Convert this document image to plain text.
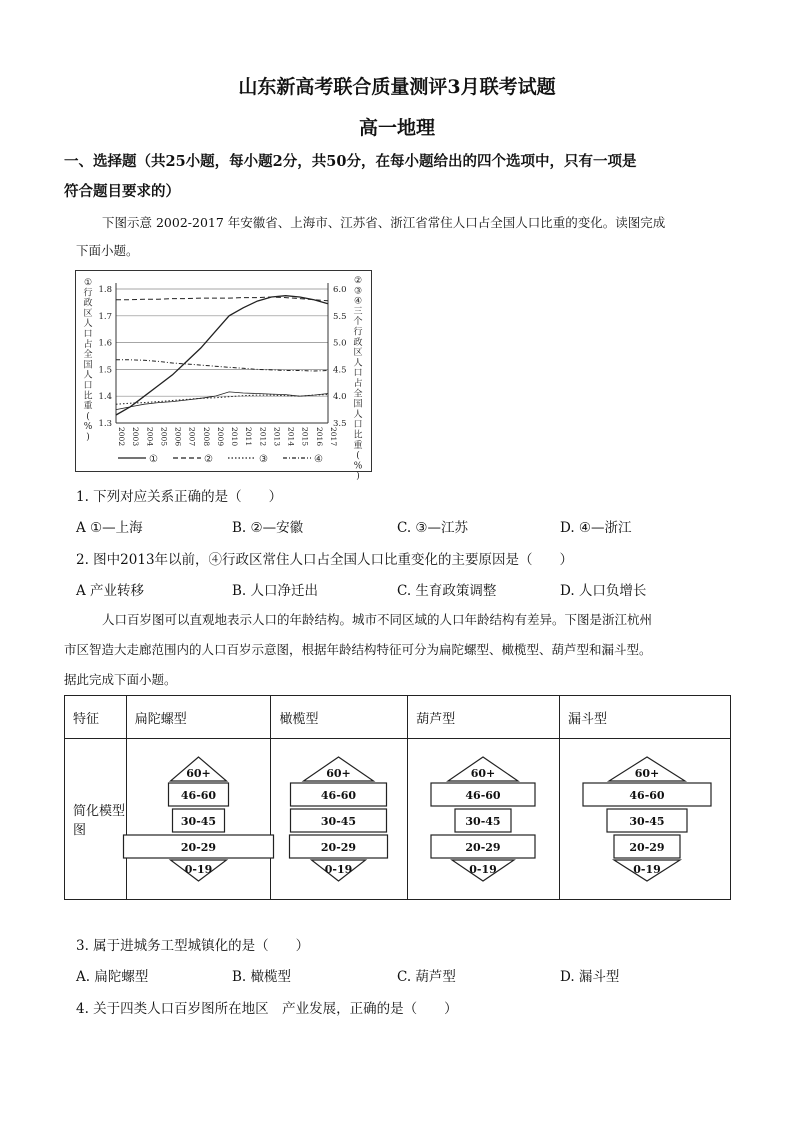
山东新高考联合质量测评3月联考试题
高一地理
一、选择题（共25小题，每小题2分，共50分，在每小题给出的四个选项中，只有一项是
符合题目要求的）
下图示意 2002-2017 年安徽省、上海市、江苏省、浙江省常住人口占全国人口比重的变化。读图完成
下面小题。
1.3
1.4
1.5
1.6
1.7
1.8
3.5
4.0
4.5
5.0
5.5
6.0
2002 2003 2004 2005 2006 2007 2008 2009 2010 2011 2012 2013 2014 2015 2016 2017
①
行
政
区
人
口
占
全
国
人
口
比
重
(
%
)
②
③
④
三
个
行
政
区
人
口
占
全
国
人
口
比
重
(
%
)
①	②	③	④
1. 下列对应关系正确的是（　　）
A ①—上海	B. ②—安徽	C. ③—江苏	D. ④—浙江
2. 图中2013年以前，④行政区常住人口占全国人口比重变化的主要原因是（　　）
A 产业转移	B. 人口净迁出	C. 生育政策调整	D. 人口负增长
人口百岁图可以直观地表示人口的年龄结构。城市不同区域的人口年龄结构有差异。下图是浙江杭州
市区智造大走廊范围内的人口百岁示意图，根据年龄结构特征可分为扁陀螺型、橄榄型、葫芦型和漏斗型。
据此完成下面小题。
特征	扁陀螺型	橄榄型	葫芦型	漏斗型
简化模型图	60+
46-60
30-45
20-29
0-19	60+
46-60
30-45
20-29
0-19	60+
46-60
30-45
20-29
0-19	60+
46-60
30-45
20-29
0-19
3. 属于进城务工型城镇化的是（　　）
A. 扁陀螺型	B. 橄榄型	C. 葫芦型	D. 漏斗型
4. 关于四类人口百岁图所在地区　产业发展，正确的是（　　）
